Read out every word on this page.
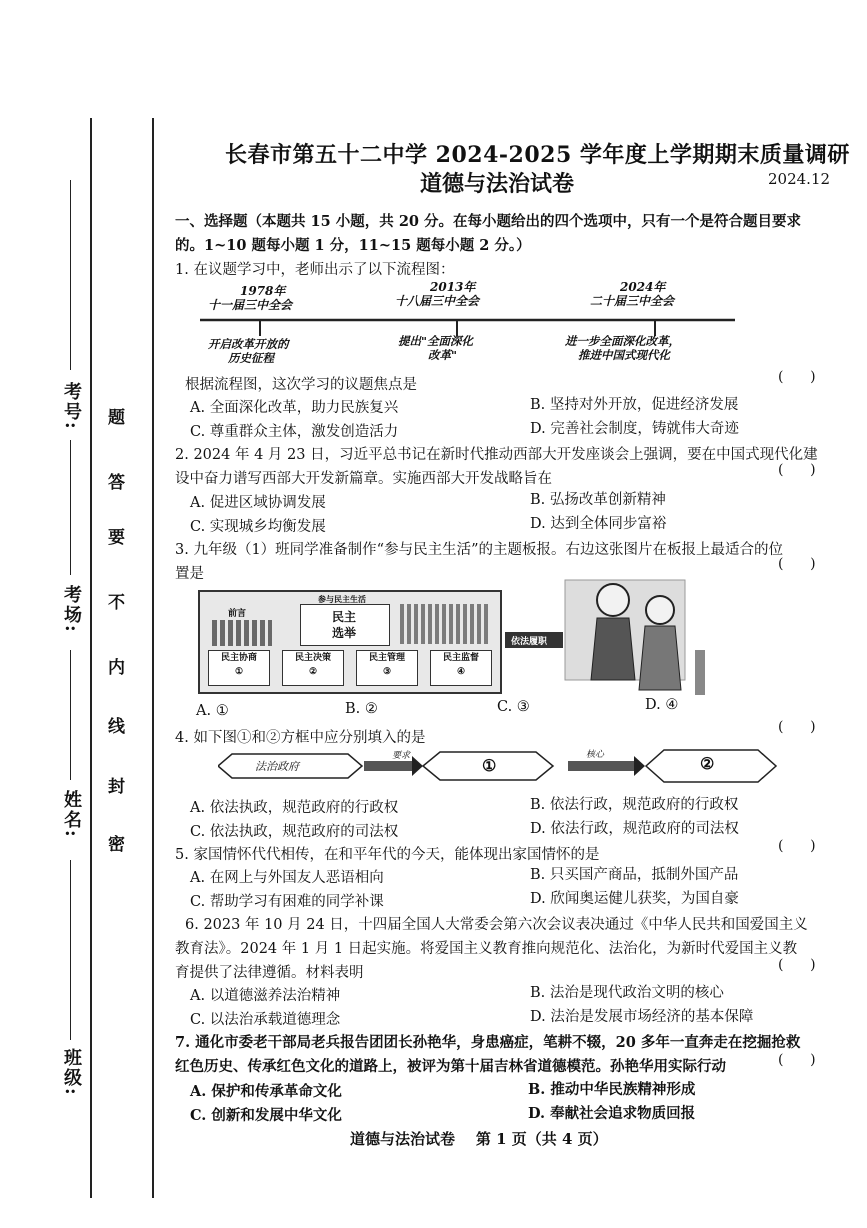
考号:
考场:
姓名:
班级:
题
答
要
不
内
线
封
密
长春市第五十二中学 2024-2025 学年度上学期期末质量调研
道德与法治试卷	2024.12
一、选择题（本题共 15 小题，共 20 分。在每小题给出的四个选项中，只有一个是符合题目要求
的。1~10 题每小题 1 分，11~15 题每小题 2 分。）
1. 在议题学习中，老师出示了以下流程图：
1978年
十一届三中全会
开启改革开放的
历史征程
2013年
十八届三中全会
提出"全面深化
改革"
2024年
二十届三中全会
进一步全面深化改革，
推进中国式现代化
根据流程图，这次学习的议题焦点是	(      )
A. 全面深化改革，助力民族复兴	B. 坚持对外开放，促进经济发展
C. 尊重群众主体，激发创造活力	D. 完善社会制度，铸就伟大奇迹
2. 2024 年 4 月 23 日，习近平总书记在新时代推动西部大开发座谈会上强调，要在中国式现代化建
设中奋力谱写西部大开发新篇章。实施西部大开发战略旨在
(      )
A. 促进区域协调发展	B. 弘扬改革创新精神
C. 实现城乡均衡发展	D. 达到全体同步富裕
3. 九年级（1）班同学准备制作“参与民主生活”的主题板报。右边这张图片在板报上最适合的位
置是
(      )
参与民主生活
前言	民主
选举
民主协商
①
民主决策
②
民主管理
③
民主监督
④
依法履职
A. ①	B. ②	C. ③	D. ④
4. 如下图①和②方框中应分别填入的是
(      )
法治政府
要求	①
核心	②
A. 依法执政，规范政府的行政权	B. 依法行政，规范政府的行政权
C. 依法执政，规范政府的司法权	D. 依法行政，规范政府的司法权
5. 家国情怀代代相传，在和平年代的今天，能体现出家国情怀的是
(      )
A. 在网上与外国友人恶语相向	B. 只买国产商品，抵制外国产品
C. 帮助学习有困难的同学补课	D. 欣闻奥运健儿获奖，为国自豪
6. 2023 年 10 月 24 日，十四届全国人大常委会第六次会议表决通过《中华人民共和国爱国主义
教育法》。2024 年 1 月 1 日起实施。将爱国主义教育推向规范化、法治化，为新时代爱国主义教
育提供了法律遵循。材料表明	(      )
A. 以道德滋养法治精神	B. 法治是现代政治文明的核心
C. 以法治承载道德理念	D. 法治是发展市场经济的基本保障
7. 通化市委老干部局老兵报告团团长孙艳华，身患癌症，笔耕不辍，20 多年一直奔走在挖掘抢救
红色历史、传承红色文化的道路上，被评为第十届吉林省道德模范。孙艳华用实际行动	(      )
A. 保护和传承革命文化	B. 推动中华民族精神形成
C. 创新和发展中华文化	D. 奉献社会追求物质回报
道德与法治试卷    第 1 页（共 4 页）
